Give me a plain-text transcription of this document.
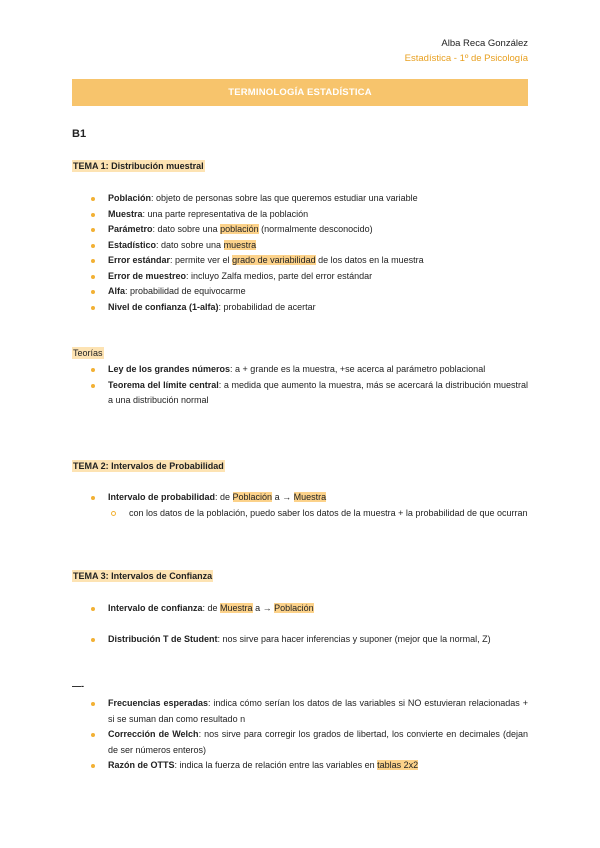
Alba Reca González
Estadística - 1º de Psicología
TERMINOLOGÍA ESTADÍSTICA
B1
TEMA 1: Distribución muestral
Población: objeto de personas sobre las que queremos estudiar una variable
Muestra: una parte representativa de la población
Parámetro: dato sobre una población (normalmente desconocido)
Estadístico: dato sobre una muestra
Error estándar: permite ver el grado de variabilidad de los datos en la muestra
Error de muestreo: incluyo Zalfa medios, parte del error estándar
Alfa: probabilidad de equivocarme
Nivel de confianza (1-alfa): probabilidad de acertar
Teorías
Ley de los grandes números: a + grande es la muestra, +se acerca al parámetro poblacional
Teorema del límite central: a medida que aumento la muestra, más se acercará la distribución muestral a una distribución normal
TEMA 2: Intervalos de Probabilidad
Intervalo de probabilidad: de Población a → Muestra
con los datos de la población, puedo saber los datos de la muestra + la probabilidad de que ocurran
TEMA 3: Intervalos de Confianza
Intervalo de confianza: de Muestra a → Población
Distribución T de Student: nos sirve para hacer inferencias y suponer (mejor que la normal, Z)
—-
Frecuencias esperadas: indica cómo serían los datos de las variables si NO estuvieran relacionadas + si se suman dan como resultado n
Corrección de Welch: nos sirve para corregir los grados de libertad, los convierte en decimales (dejan de ser números enteros)
Razón de OTTS: indica la fuerza de relación entre las variables en tablas 2x2
